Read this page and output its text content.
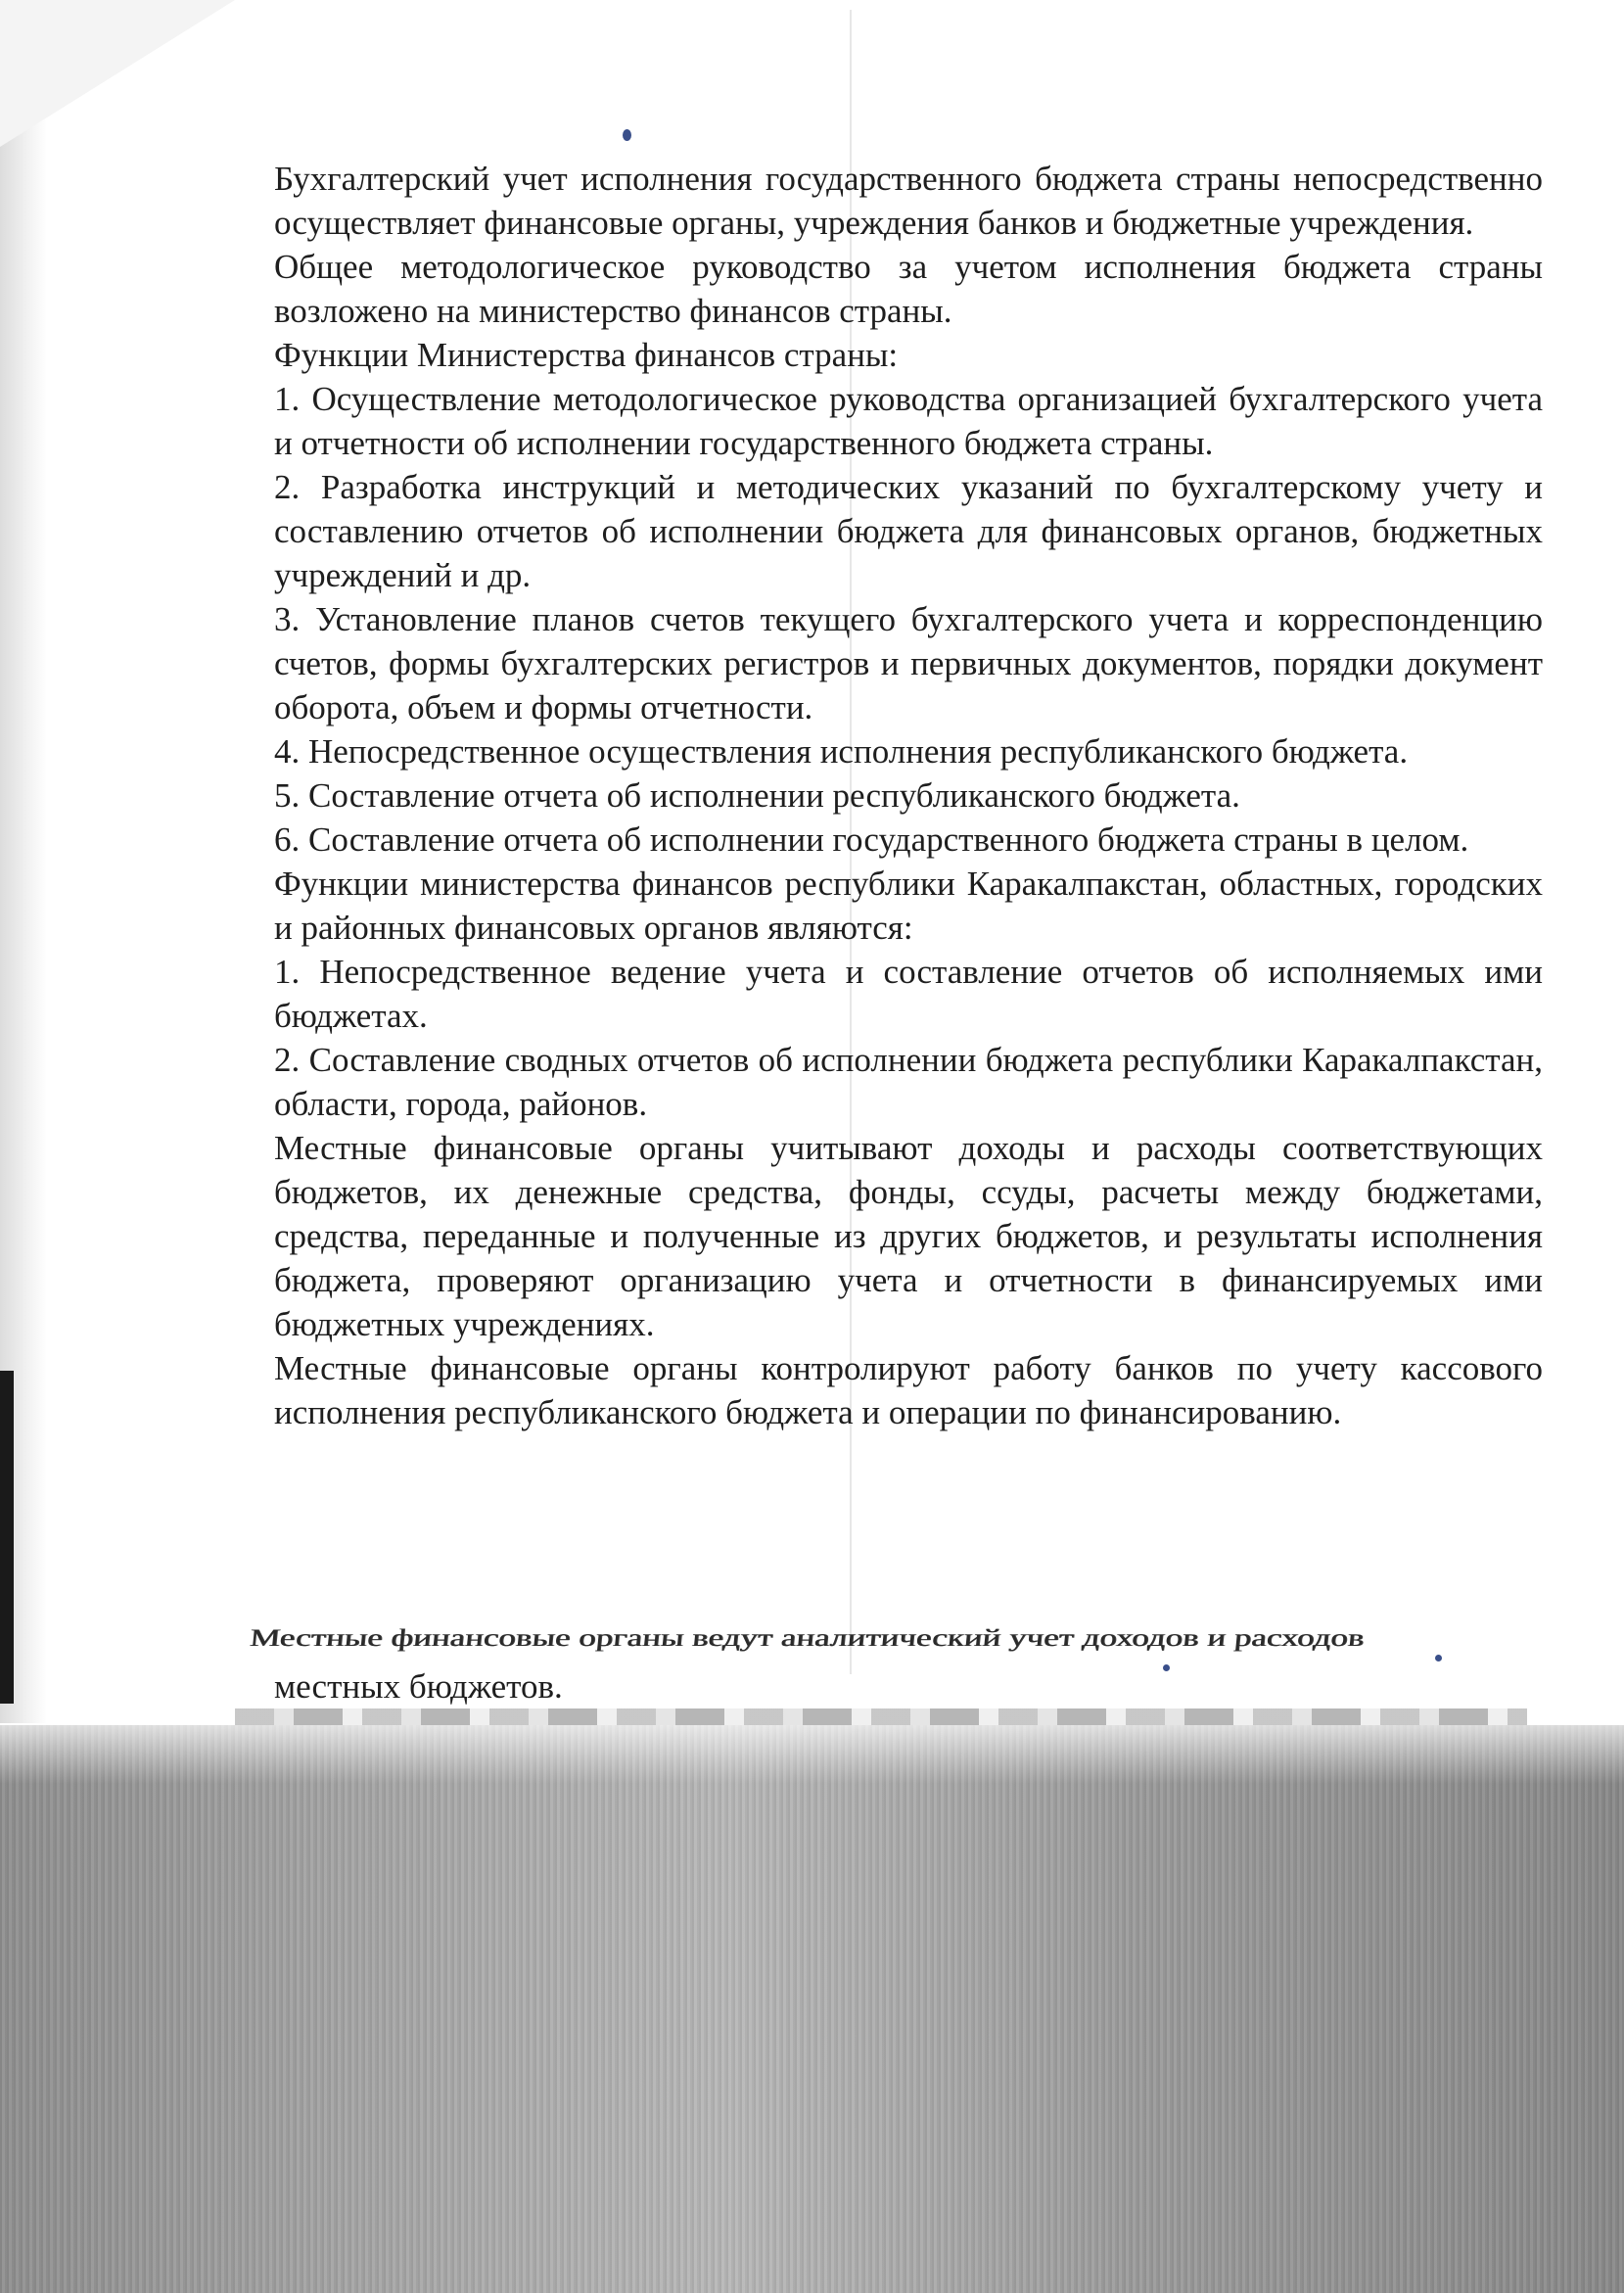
Бухгалтерский учет исполнения государственного бюджета страны непосредственно осуществляет финансовые органы, учреждения банков и бюджетные учреждения.

Общее методологическое руководство за учетом исполнения бюджета страны возложено на министерство финансов страны.

Функции Министерства финансов страны:

1. Осуществление методологическое руководства организацией бухгалтерского учета и отчетности об исполнении государственного бюджета страны.

2. Разработка инструкций и методических указаний по бухгалтерскому учету и составлению отчетов об исполнении бюджета для финансовых органов, бюджетных учреждений и др.

3. Установление планов счетов текущего бухгалтерского учета и корреспонденцию счетов, формы бухгалтерских регистров и первичных документов, порядки документ оборота, объем и формы отчетности.

4. Непосредственное осуществления исполнения республиканского бюджета.

5. Составление отчета об исполнении республиканского бюджета.

6. Составление отчета об исполнении государственного бюджета страны в целом.

Функции министерства финансов республики Каракалпакстан, областных, городских и районных финансовых органов являются:

1. Непосредственное ведение учета и составление отчетов об исполняемых ими бюджетах.

2. Составление сводных отчетов об исполнении бюджета республики Каракалпакстан, области, города, районов.

Местные финансовые органы учитывают доходы и расходы соответствующих бюджетов, их денежные средства, фонды, ссуды, расчеты между бюджетами, средства, переданные и полученные из других бюджетов, и результаты исполнения бюджета, проверяют организацию учета и отчетности в финансируемых ими бюджетных учреждениях.

Местные финансовые органы контролируют работу банков по учету кассового исполнения республиканского бюджета и операции по финансированию.

Местные финансовые органы ведут аналитический учет доходов и расходов
местных бюджетов.
